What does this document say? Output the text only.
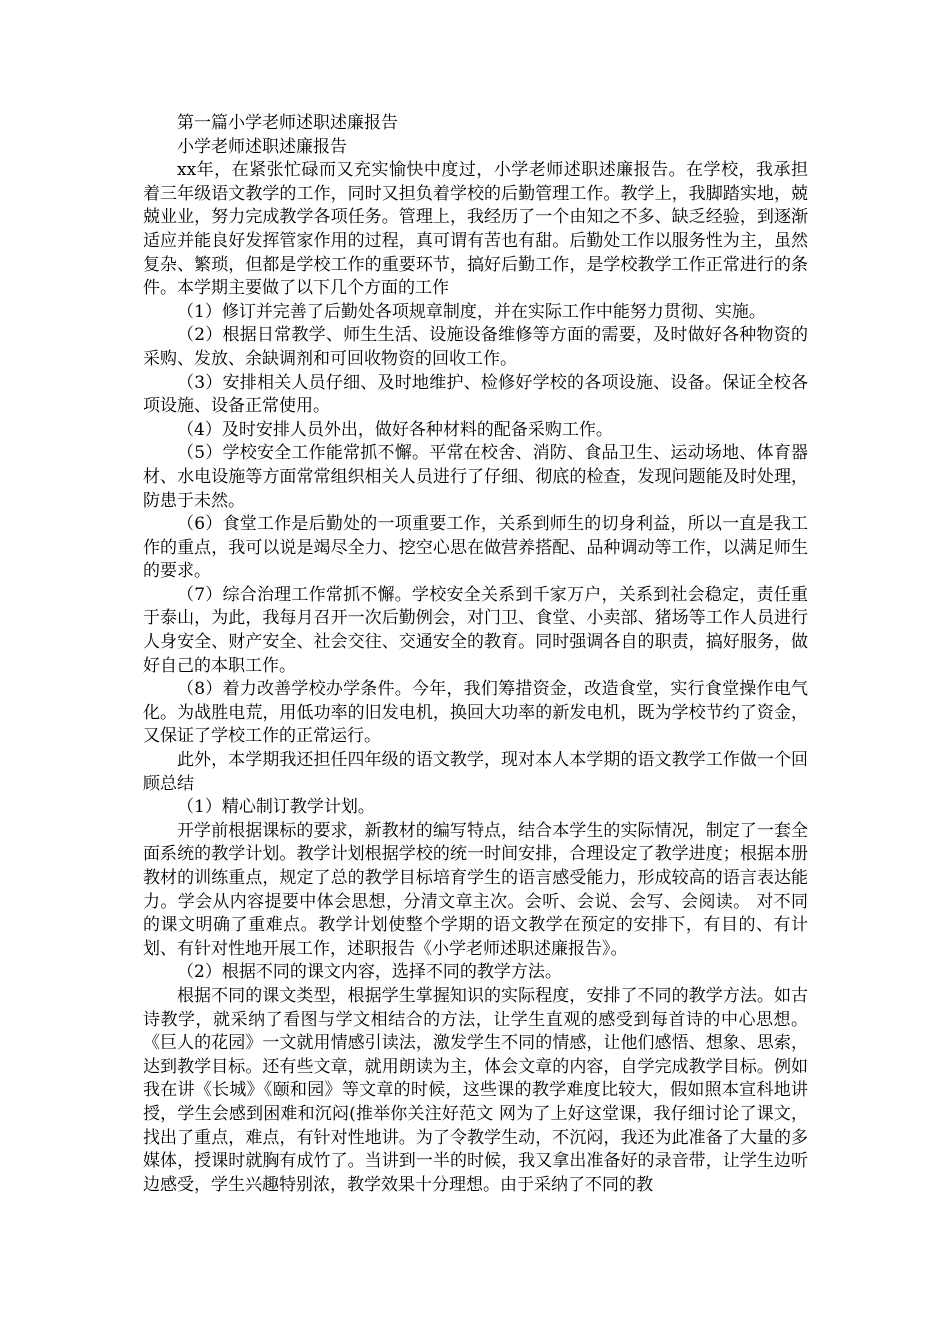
第一篇小学老师述职述廉报告

小学老师述职述廉报告

xx年，在紧张忙碌而又充实愉快中度过，小学老师述职述廉报告。在学校，我承担着三年级语文教学的工作，同时又担负着学校的后勤管理工作。教学上，我脚踏实地，兢兢业业，努力完成教学各项任务。管理上，我经历了一个由知之不多、缺乏经验，到逐渐适应并能良好发挥管家作用的过程，真可谓有苦也有甜。后勤处工作以服务性为主，虽然复杂、繁琐，但都是学校工作的重要环节，搞好后勤工作，是学校教学工作正常进行的条件。本学期主要做了以下几个方面的工作

（1）修订并完善了后勤处各项规章制度，并在实际工作中能努力贯彻、实施。

（2）根据日常教学、师生生活、设施设备维修等方面的需要，及时做好各种物资的采购、发放、余缺调剂和可回收物资的回收工作。

（3）安排相关人员仔细、及时地维护、检修好学校的各项设施、设备。保证全校各项设施、设备正常使用。

（4）及时安排人员外出，做好各种材料的配备采购工作。

（5）学校安全工作能常抓不懈。平常在校舍、消防、食品卫生、运动场地、体育器材、水电设施等方面常常组织相关人员进行了仔细、彻底的检查，发现问题能及时处理，防患于未然。

（6）食堂工作是后勤处的一项重要工作，关系到师生的切身利益，所以一直是我工作的重点，我可以说是竭尽全力、挖空心思在做营养搭配、品种调动等工作，以满足师生的要求。

（7）综合治理工作常抓不懈。学校安全关系到千家万户，关系到社会稳定，责任重于泰山，为此，我每月召开一次后勤例会，对门卫、食堂、小卖部、猪场等工作人员进行人身安全、财产安全、社会交往、交通安全的教育。同时强调各自的职责，搞好服务，做好自己的本职工作。

（8）着力改善学校办学条件。今年，我们筹措资金，改造食堂，实行食堂操作电气化。为战胜电荒，用低功率的旧发电机，换回大功率的新发电机，既为学校节约了资金，又保证了学校工作的正常运行。

此外，本学期我还担任四年级的语文教学，现对本人本学期的语文教学工作做一个回顾总结

（1）精心制订教学计划。

开学前根据课标的要求，新教材的编写特点，结合本学生的实际情况，制定了一套全面系统的教学计划。教学计划根据学校的统一时间安排，合理设定了教学进度；根据本册教材的训练重点，规定了总的教学目标培育学生的语言感受能力，形成较高的语言表达能力。学会从内容提要中体会思想，分清文章主次。会听、会说、会写、会阅读。 对不同的课文明确了重难点。教学计划使整个学期的语文教学在预定的安排下，有目的、有计划、有针对性地开展工作，述职报告《小学老师述职述廉报告》。

（2）根据不同的课文内容，选择不同的教学方法。

根据不同的课文类型，根据学生掌握知识的实际程度，安排了不同的教学方法。如古诗教学，就采纳了看图与学文相结合的方法，让学生直观的感受到每首诗的中心思想。《巨人的花园》一文就用情感引读法，激发学生不同的情感，让他们感悟、想象、思索，达到教学目标。还有些文章，就用朗读为主，体会文章的内容，自学完成教学目标。例如我在讲《长城》《颐和园》等文章的时候，这些课的教学难度比较大，假如照本宣科地讲授，学生会感到困难和沉闷(推举你关注好范文 网为了上好这堂课，我仔细讨论了课文，找出了重点，难点，有针对性地讲。为了令教学生动，不沉闷，我还为此准备了大量的多媒体，授课时就胸有成竹了。当讲到一半的时候，我又拿出准备好的录音带，让学生边听边感受，学生兴趣特别浓，教学效果十分理想。由于采纳了不同的教
